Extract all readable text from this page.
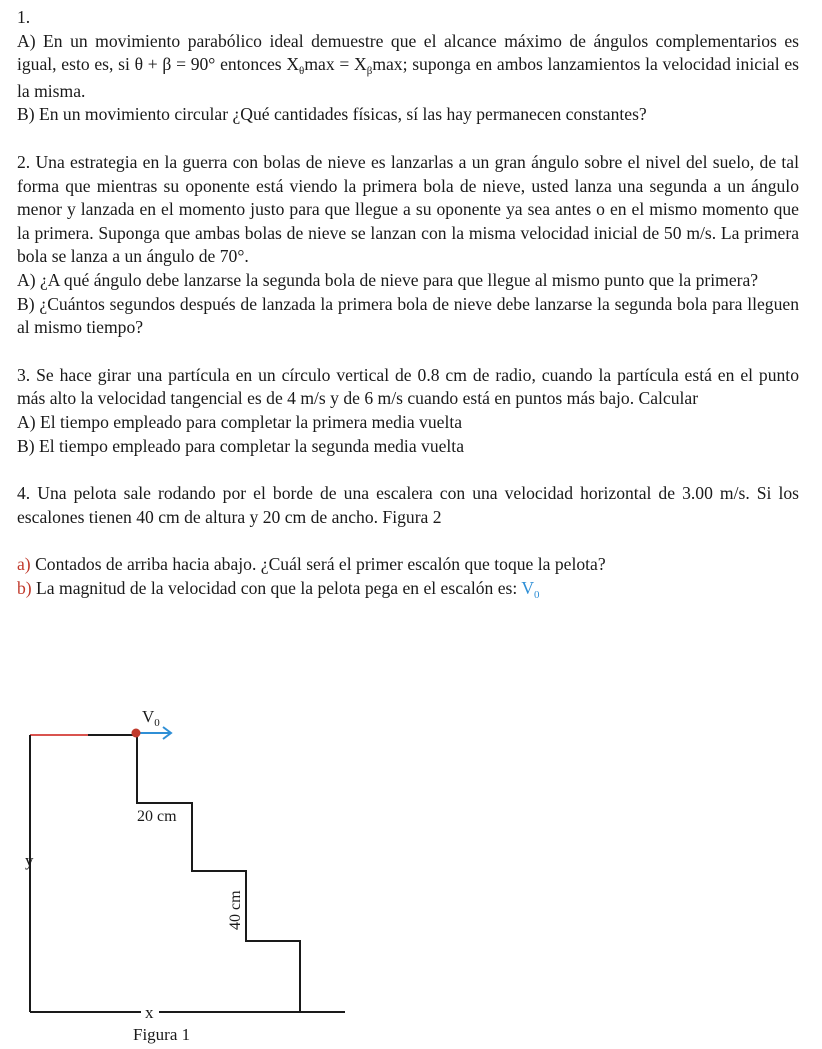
1.

A) En un movimiento parabólico ideal demuestre que el alcance máximo de ángulos complementarios es igual, esto es, si θ + β = 90° entonces $X_\theta\max = X_\beta\max$; suponga en ambos lanzamientos la velocidad inicial es la misma.

B) En un movimiento circular ¿Qué cantidades físicas, sí las hay permanecen constantes?

2. Una estrategia en la guerra con bolas de nieve es lanzarlas a un gran ángulo sobre el nivel del suelo, de tal forma que mientras su oponente está viendo la primera bola de nieve, usted lanza una segunda a un ángulo menor y lanzada en el momento justo para que llegue a su oponente ya sea antes o en el mismo momento que la primera. Suponga que ambas bolas de nieve se lanzan con la misma velocidad inicial de 50 m/s. La primera bola se lanza a un ángulo de 70°.

A) ¿A qué ángulo debe lanzarse la segunda bola de nieve para que llegue al mismo punto que la primera?

B) ¿Cuántos segundos después de lanzada la primera bola de nieve debe lanzarse la segunda bola para lleguen al mismo tiempo?

3. Se hace girar una partícula en un círculo vertical de 0.8 cm de radio, cuando la partícula está en el punto más alto la velocidad tangencial es de 4 m/s y de 6 m/s cuando está en puntos más bajo. Calcular

A) El tiempo empleado para completar la primera media vuelta

B) El tiempo empleado para completar la segunda media vuelta

4. Una pelota sale rodando por el borde de una escalera con una velocidad horizontal de 3.00 m/s. Si los escalones tienen 40 cm de altura y 20 cm de ancho. Figura 2

a) Contados de arriba hacia abajo. ¿Cuál será el primer escalón que toque la pelota?

b) La magnitud de la velocidad con que la pelota pega en el escalón es: $V_0$

$V_0$
20 cm
40 cm
y
x
Figura 1
